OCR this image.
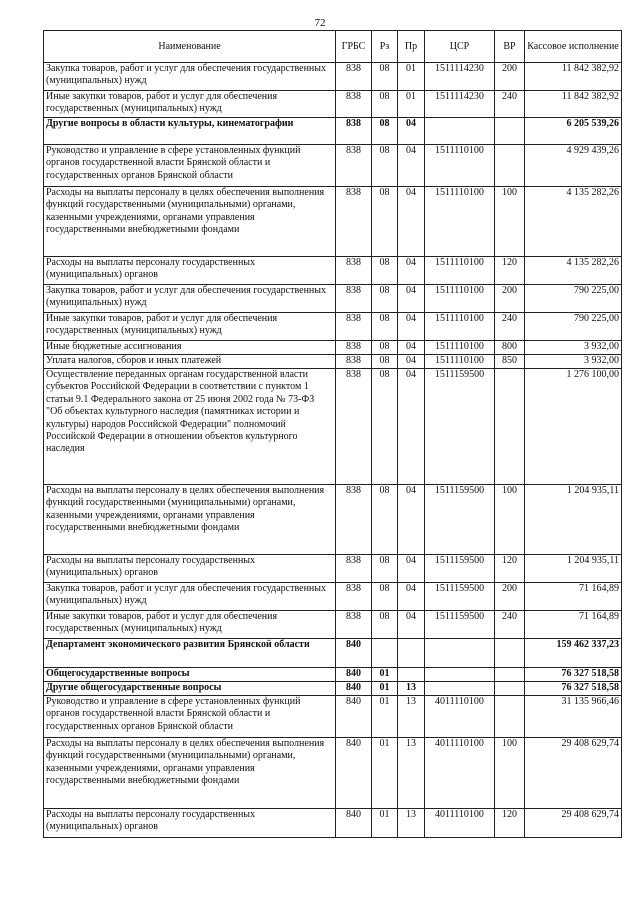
72
Наименование	ГРБС	Рз	Пр	ЦСР	ВР	Кассовое исполнение
Закупка товаров, работ и услуг для обеспечения государственных (муниципальных) нужд	838	08	01	1511114230	200	11 842 382,92
Иные закупки товаров, работ и услуг для обеспечения государственных (муниципальных) нужд	838	08	01	1511114230	240	11 842 382,92
Другие вопросы в области культуры, кинематографии	838	08	04			6 205 539,26
Руководство и управление в сфере установленных функций органов государственной власти Брянской области и государственных органов Брянской области	838	08	04	1511110100		4 929 439,26
Расходы на выплаты персоналу в целях обеспечения выполнения функций государственными (муниципальными) органами, казенными учреждениями, органами управления государственными внебюджетными фондами	838	08	04	1511110100	100	4 135 282,26
Расходы на выплаты персоналу государственных (муниципальных) органов	838	08	04	1511110100	120	4 135 282,26
Закупка товаров, работ и услуг для обеспечения государственных (муниципальных) нужд	838	08	04	1511110100	200	790 225,00
Иные закупки товаров, работ и услуг для обеспечения государственных (муниципальных) нужд	838	08	04	1511110100	240	790 225,00
Иные бюджетные ассигнования	838	08	04	1511110100	800	3 932,00
Уплата налогов, сборов и иных платежей	838	08	04	1511110100	850	3 932,00
Осуществление переданных органам государственной власти субъектов Российской Федерации в соответствии с пунктом 1 статьи 9.1 Федерального закона от 25 июня 2002 года № 73-ФЗ "Об объектах культурного наследия (памятниках истории и культуры) народов Российской Федерации" полномочий Российской Федерации в отношении объектов культурного наследия	838	08	04	1511159500		1 276 100,00
Расходы на выплаты персоналу в целях обеспечения выполнения функций государственными (муниципальными) органами, казенными учреждениями, органами управления государственными внебюджетными фондами	838	08	04	1511159500	100	1 204 935,11
Расходы на выплаты персоналу государственных (муниципальных) органов	838	08	04	1511159500	120	1 204 935,11
Закупка товаров, работ и услуг для обеспечения государственных (муниципальных) нужд	838	08	04	1511159500	200	71 164,89
Иные закупки товаров, работ и услуг для обеспечения государственных (муниципальных) нужд	838	08	04	1511159500	240	71 164,89
Департамент экономического развития Брянской области	840					159 462 337,23
Общегосударственные вопросы	840	01				76 327 518,58
Другие общегосударственные вопросы	840	01	13			76 327 518,58
Руководство и управление в сфере установленных функций органов государственной власти Брянской области и государственных органов Брянской области	840	01	13	4011110100		31 135 966,46
Расходы на выплаты персоналу в целях обеспечения выполнения функций государственными (муниципальными) органами, казенными учреждениями, органами управления государственными внебюджетными фондами	840	01	13	4011110100	100	29 408 629,74
Расходы на выплаты персоналу государственных (муниципальных) органов	840	01	13	4011110100	120	29 408 629,74
